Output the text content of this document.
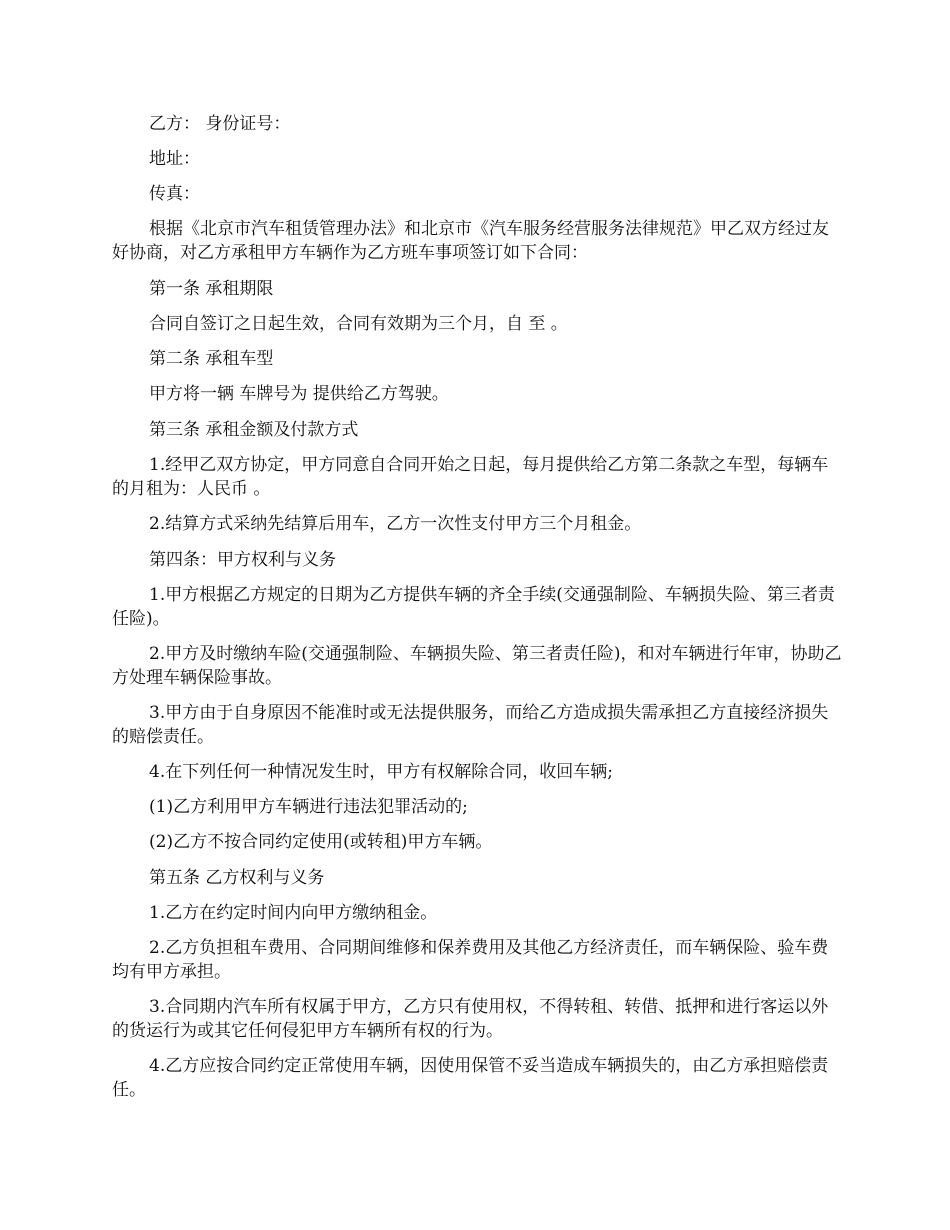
乙方： 身份证号：

地址：

传真：

根据《北京市汽车租赁管理办法》和北京市《汽车服务经营服务法律规范》甲乙双方经过友好协商，对乙方承租甲方车辆作为乙方班车事项签订如下合同：

第一条 承租期限

合同自签订之日起生效，合同有效期为三个月，自 至 。

第二条 承租车型

甲方将一辆 车牌号为 提供给乙方驾驶。

第三条 承租金额及付款方式

1.经甲乙双方协定，甲方同意自合同开始之日起，每月提供给乙方第二条款之车型，每辆车的月租为：人民币 。

2.结算方式采纳先结算后用车，乙方一次性支付甲方三个月租金。

第四条：甲方权利与义务

1.甲方根据乙方规定的日期为乙方提供车辆的齐全手续(交通强制险、车辆损失险、第三者责任险)。

2.甲方及时缴纳车险(交通强制险、车辆损失险、第三者责任险)，和对车辆进行年审，协助乙方处理车辆保险事故。

3.甲方由于自身原因不能准时或无法提供服务，而给乙方造成损失需承担乙方直接经济损失的赔偿责任。

4.在下列任何一种情况发生时，甲方有权解除合同，收回车辆;

(1)乙方利用甲方车辆进行违法犯罪活动的;

(2)乙方不按合同约定使用(或转租)甲方车辆。

第五条 乙方权利与义务

1.乙方在约定时间内向甲方缴纳租金。

2.乙方负担租车费用、合同期间维修和保养费用及其他乙方经济责任，而车辆保险、验车费均有甲方承担。

3.合同期内汽车所有权属于甲方，乙方只有使用权，不得转租、转借、抵押和进行客运以外的货运行为或其它任何侵犯甲方车辆所有权的行为。

4.乙方应按合同约定正常使用车辆，因使用保管不妥当造成车辆损失的，由乙方承担赔偿责任。
